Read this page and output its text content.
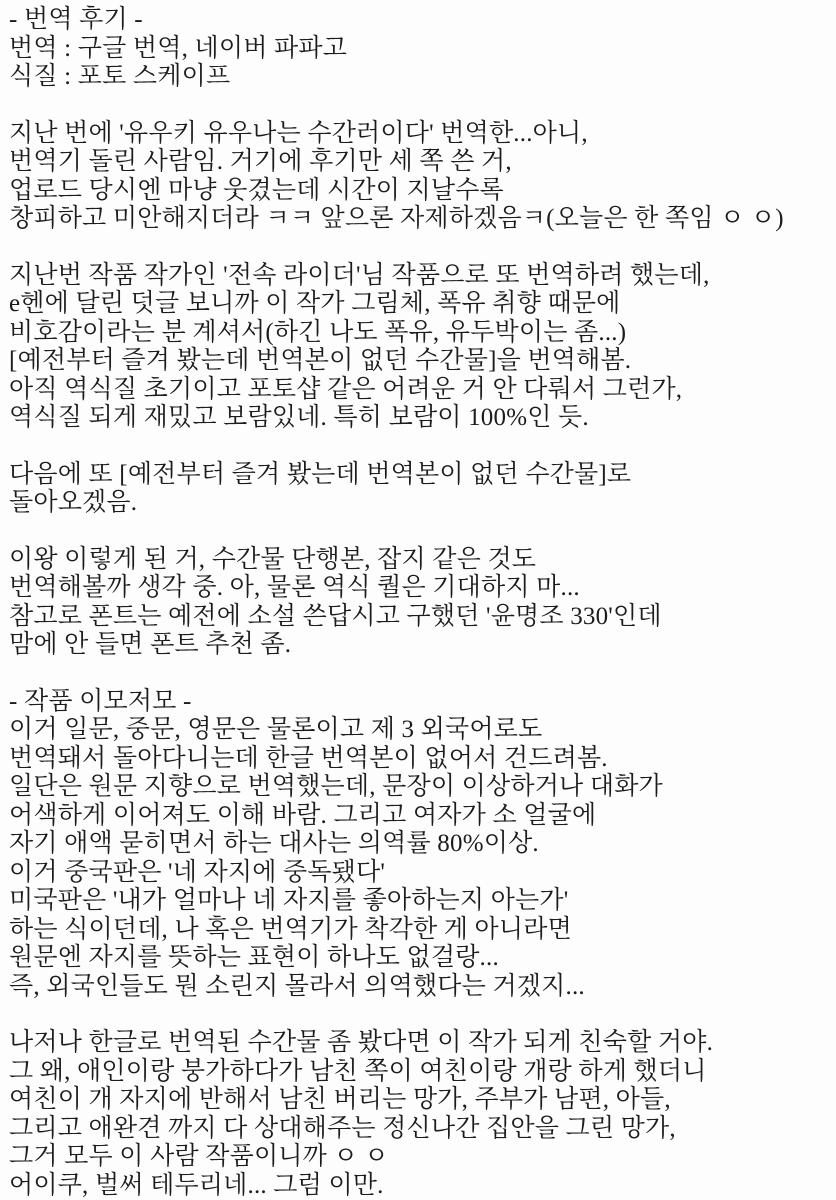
- 번역 후기 -
번역 : 구글 번역, 네이버 파파고
식질 : 포토 스케이프
지난 번에 '유우키 유우나는 수간러이다' 번역한...아니,
번역기 돌린 사람임. 거기에 후기만 세 쪽 쓴 거,
업로드 당시엔 마냥 웃겼는데 시간이 지날수록
창피하고 미안해지더라 ㅋㅋ 앞으론 자제하겠음ㅋ(오늘은 한 쪽임 ㅇ ㅇ)
지난번 작품 작가인 '전속 라이더'님 작품으로 또 번역하려 했는데,
e헨에 달린 덧글 보니까 이 작가 그림체, 폭유 취향 때문에
비호감이라는 분 계셔서(하긴 나도 폭유, 유두박이는 좀...)
[예전부터 즐겨 봤는데 번역본이 없던 수간물]을 번역해봄.
아직 역식질 초기이고 포토샵 같은 어려운 거 안 다뤄서 그런가,
역식질 되게 재밌고 보람있네. 특히 보람이 100%인 듯.
다음에 또 [예전부터 즐겨 봤는데 번역본이 없던 수간물]로
돌아오겠음.
이왕 이렇게 된 거, 수간물 단행본, 잡지 같은 것도
번역해볼까 생각 중. 아, 물론 역식 퀄은 기대하지 마...
참고로 폰트는 예전에 소설 쓴답시고 구했던 '윤명조 330'인데
맘에 안 들면 폰트 추천 좀.
- 작품 이모저모 -
이거 일문, 중문, 영문은 물론이고 제 3 외국어로도
번역돼서 돌아다니는데 한글 번역본이 없어서 건드려봄.
일단은 원문 지향으로 번역했는데, 문장이 이상하거나 대화가
어색하게 이어져도 이해 바람. 그리고 여자가 소 얼굴에
자기 애액 묻히면서 하는 대사는 의역률 80%이상.
이거 중국판은 '네 자지에 중독됐다'
미국판은 '내가 얼마나 네 자지를 좋아하는지 아는가'
하는 식이던데, 나 혹은 번역기가 착각한 게 아니라면
원문엔 자지를 뜻하는 표현이 하나도 없걸랑...
즉, 외국인들도 뭔 소린지 몰라서 의역했다는 거겠지...
나저나 한글로 번역된 수간물 좀 봤다면 이 작가 되게 친숙할 거야.
그 왜, 애인이랑 붕가하다가 남친 쪽이 여친이랑 개랑 하게 했더니
여친이 개 자지에 반해서 남친 버리는 망가, 주부가 남편, 아들,
그리고 애완견 까지 다 상대해주는 정신나간 집안을 그린 망가,
그거 모두 이 사람 작품이니까 ㅇ ㅇ
어이쿠, 벌써 테두리네... 그럼 이만.
